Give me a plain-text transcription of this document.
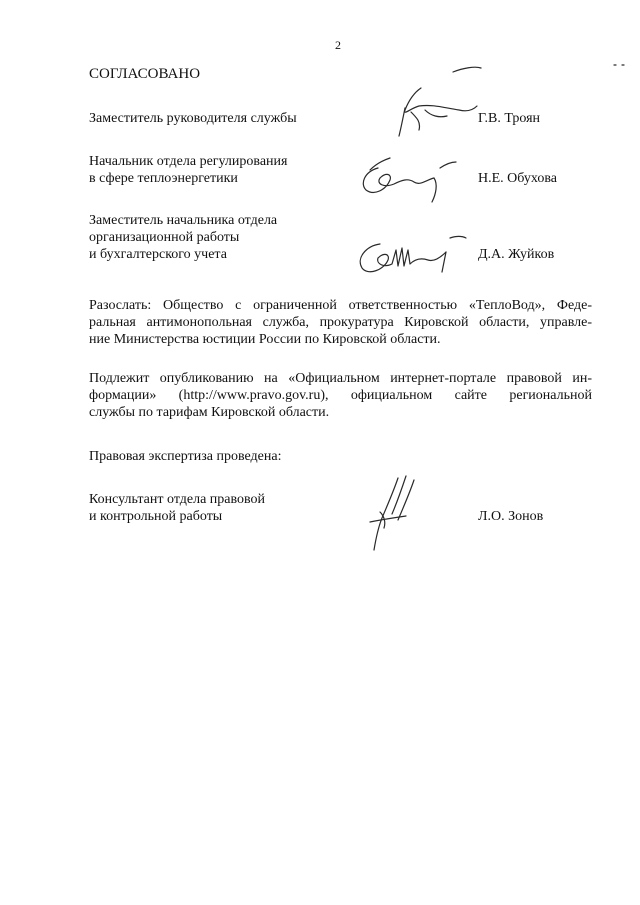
2
СОГЛАСОВАНО
Заместитель руководителя службы	Г.В. Троян
Начальник отдела регулирования
в сфере теплоэнергетики	Н.Е. Обухова
Заместитель начальника отдела
организационной работы
и бухгалтерского учета	Д.А. Жуйков
Разослать: Общество с ограниченной ответственностью «ТеплоВод», Феде-
ральная антимонопольная служба, прокуратура Кировской области, управле-
ние Министерства юстиции России по Кировской области.
Подлежит опубликованию на «Официальном интернет-портале правовой ин-
формации» (http://www.pravo.gov.ru), официальном сайте региональной
службы по тарифам Кировской области.
Правовая экспертиза проведена:
Консультант отдела правовой
и контрольной работы	Л.О. Зонов
